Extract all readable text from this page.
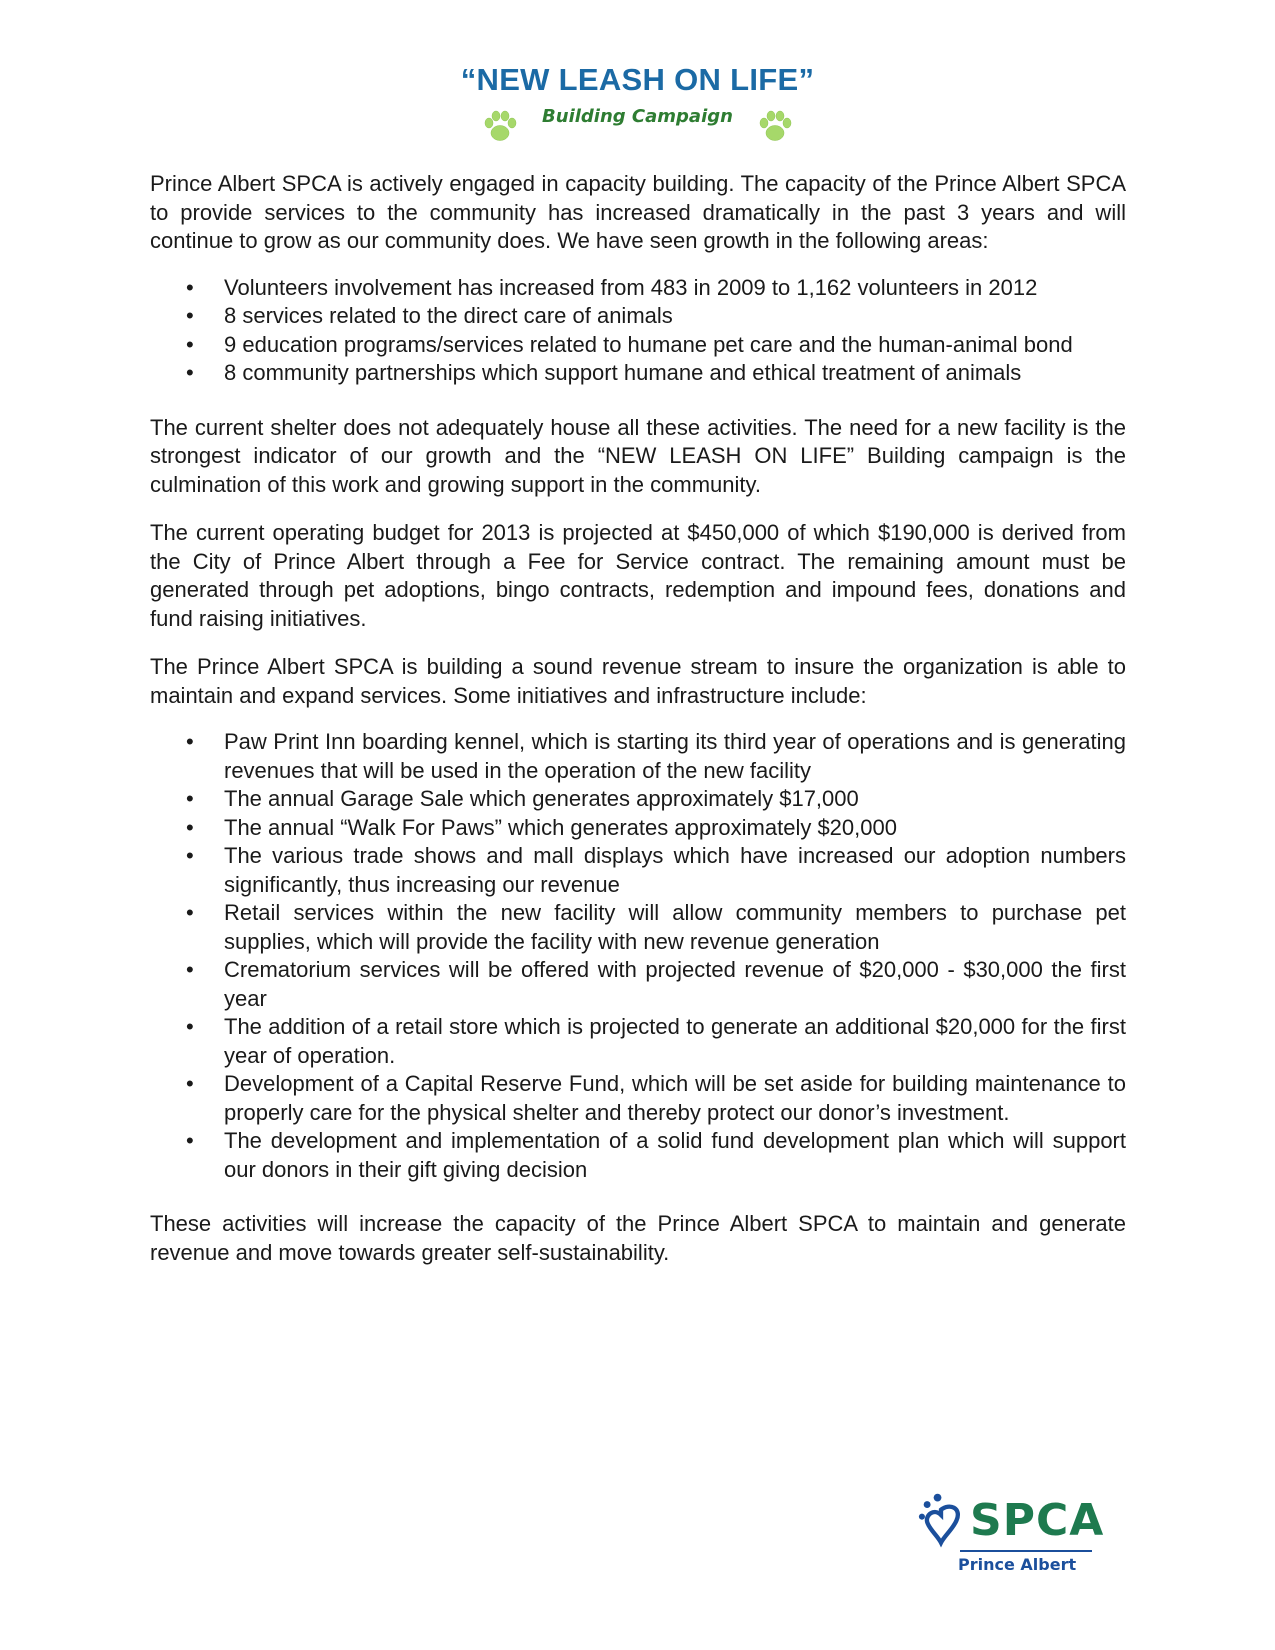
“NEW LEASH ON LIFE”
Building Campaign

Prince Albert SPCA is actively engaged in capacity building. The capacity of the Prince Albert SPCA to provide services to the community has increased dramatically in the past 3 years and will continue to grow as our community does. We have seen growth in the following areas:

• Volunteers involvement has increased from 483 in 2009 to 1,162 volunteers in 2012
• 8 services related to the direct care of animals
• 9 education programs/services related to humane pet care and the human-animal bond
• 8 community partnerships which support humane and ethical treatment of animals

The current shelter does not adequately house all these activities. The need for a new facility is the strongest indicator of our growth and the “NEW LEASH ON LIFE” Building campaign is the culmination of this work and growing support in the community.

The current operating budget for 2013 is projected at $450,000 of which $190,000 is derived from the City of Prince Albert through a Fee for Service contract. The remaining amount must be generated through pet adoptions, bingo contracts, redemption and impound fees, donations and fund raising initiatives.

The Prince Albert SPCA is building a sound revenue stream to insure the organization is able to maintain and expand services. Some initiatives and infrastructure include:

• Paw Print Inn boarding kennel, which is starting its third year of operations and is generating revenues that will be used in the operation of the new facility
• The annual Garage Sale which generates approximately $17,000
• The annual “Walk For Paws” which generates approximately $20,000
• The various trade shows and mall displays which have increased our adoption numbers significantly, thus increasing our revenue
• Retail services within the new facility will allow community members to purchase pet supplies, which will provide the facility with new revenue generation
• Crematorium services will be offered with projected revenue of $20,000 - $30,000 the first year
• The addition of a retail store which is projected to generate an additional $20,000 for the first year of operation.
• Development of a Capital Reserve Fund, which will be set aside for building maintenance to properly care for the physical shelter and thereby protect our donor’s investment.
• The development and implementation of a solid fund development plan which will support our donors in their gift giving decision

These activities will increase the capacity of the Prince Albert SPCA to maintain and generate revenue and move towards greater self-sustainability.

SPCA
Prince Albert
